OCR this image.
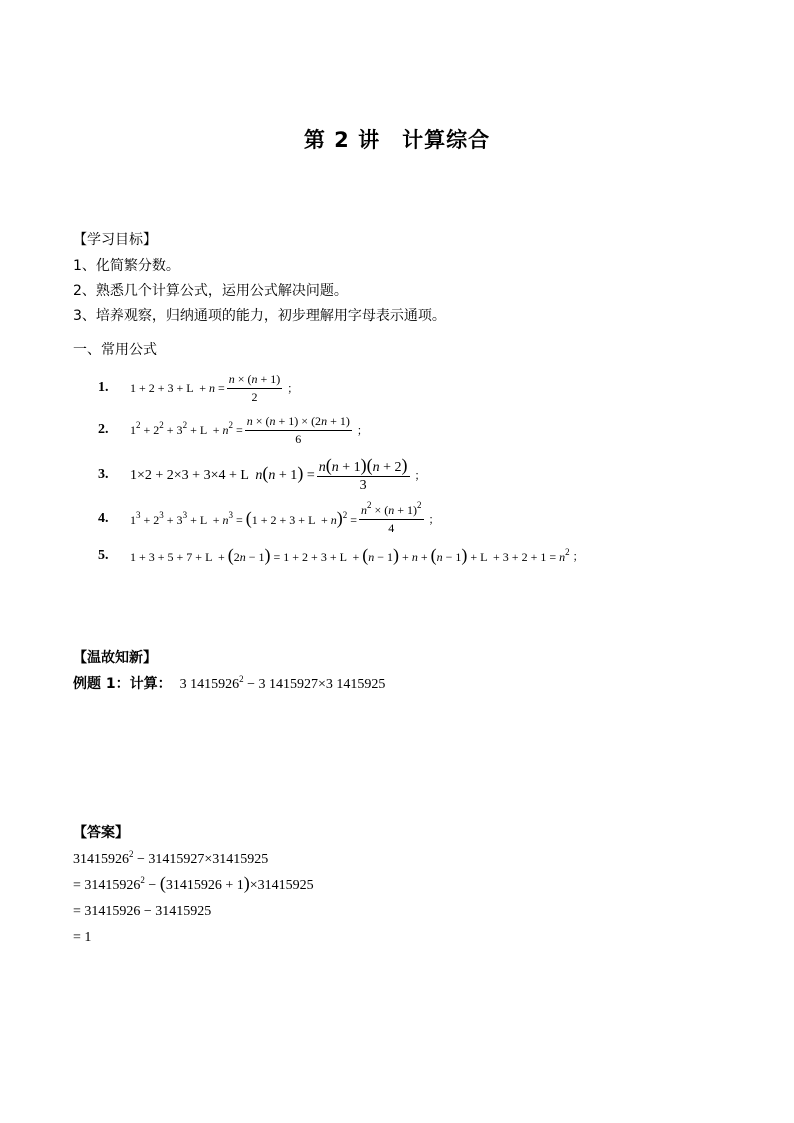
第 2 讲 计算综合
【学习目标】
1、化简繁分数。
2、熟悉几个计算公式，运用公式解决问题。
3、培养观察，归纳通项的能力，初步理解用字母表示通项。
一、常用公式
1.	$1 + 2 + 3 + L + n = \frac{n \times (n + 1)}{2}$ ；
2.	$1^2 + 2^2 + 3^2 + L + n^2 = \frac{n \times (n + 1) \times (2n + 1)}{6}$ ；
3.	1×2 + 2×3 + 3×4 + L  $n(n + 1) = \frac{n(n + 1)(n + 2)}{3}$ ；
4.	$1^3 + 2^3 + 3^3 + L + n^3 = (1 + 2 + 3 + L + n)^2 = \frac{n^2 \times (n + 1)^2}{4}$ ；
5.	$1 + 3 + 5 + 7 + L + (2n - 1) = 1 + 2 + 3 + L + (n - 1) + n + (n - 1) + L + 3 + 2 + 1 = n^2$ ；
【温故知新】
例题 1：计算：  3 $1415926^2 - 3$ 1415927×3 1415925
【答案】
$31415926^2 - 31415927\times 31415925$
= $31415926^2 - (31415926 + 1)\times 31415925$
= 31415926 − 31415925
= 1
